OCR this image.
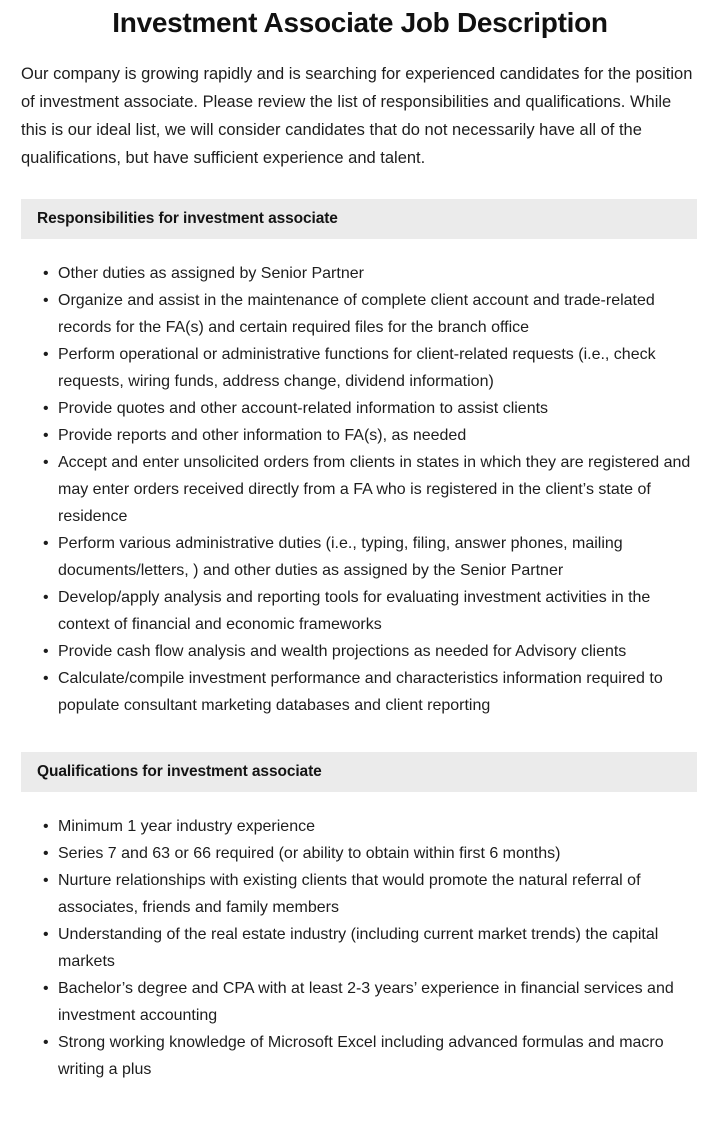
Investment Associate Job Description

Our company is growing rapidly and is searching for experienced candidates for the position of investment associate. Please review the list of responsibilities and qualifications. While this is our ideal list, we will consider candidates that do not necessarily have all of the qualifications, but have sufficient experience and talent.

Responsibilities for investment associate
• Other duties as assigned by Senior Partner
• Organize and assist in the maintenance of complete client account and trade-related records for the FA(s) and certain required files for the branch office
• Perform operational or administrative functions for client-related requests (i.e., check requests, wiring funds, address change, dividend information)
• Provide quotes and other account-related information to assist clients
• Provide reports and other information to FA(s), as needed
• Accept and enter unsolicited orders from clients in states in which they are registered and may enter orders received directly from a FA who is registered in the client’s state of residence
• Perform various administrative duties (i.e., typing, filing, answer phones, mailing documents/letters, ) and other duties as assigned by the Senior Partner
• Develop/apply analysis and reporting tools for evaluating investment activities in the context of financial and economic frameworks
• Provide cash flow analysis and wealth projections as needed for Advisory clients
• Calculate/compile investment performance and characteristics information required to populate consultant marketing databases and client reporting
Qualifications for investment associate
• Minimum 1 year industry experience
• Series 7 and 63 or 66 required (or ability to obtain within first 6 months)
• Nurture relationships with existing clients that would promote the natural referral of associates, friends and family members
• Understanding of the real estate industry (including current market trends) the capital markets
• Bachelor’s degree and CPA with at least 2-3 years’ experience in financial services and investment accounting
• Strong working knowledge of Microsoft Excel including advanced formulas and macro writing a plus
